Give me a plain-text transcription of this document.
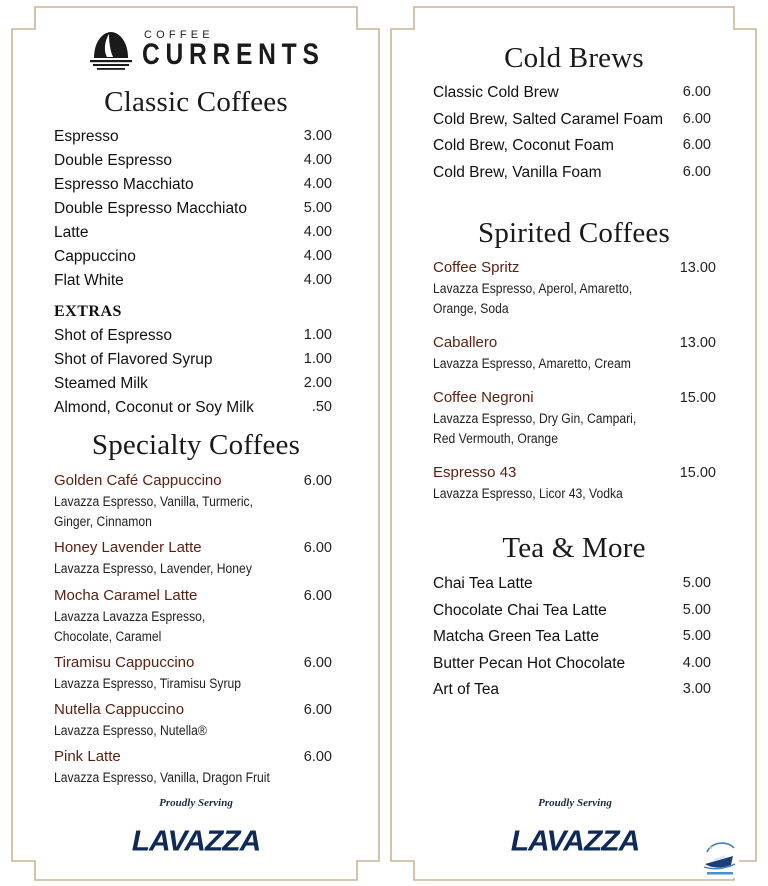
COFFEE
CURRENTS
Classic Coffees
Espresso	3.00
Double Espresso	4.00
Espresso Macchiato	4.00
Double Espresso Macchiato	5.00
Latte	4.00
Cappuccino	4.00
Flat White	4.00
EXTRAS
Shot of Espresso	1.00
Shot of Flavored Syrup	1.00
Steamed Milk	2.00
Almond, Coconut or Soy Milk	.50
Specialty Coffees
Golden Café Cappuccino	6.00
Lavazza Espresso, Vanilla, Turmeric,
Ginger, Cinnamon
Honey Lavender Latte	6.00
Lavazza Espresso, Lavender, Honey
Mocha Caramel Latte	6.00
Lavazza Lavazza Espresso,
Chocolate, Caramel
Tiramisu Cappuccino	6.00
Lavazza Espresso, Tiramisu Syrup
Nutella Cappuccino	6.00
Lavazza Espresso, Nutella®
Pink Latte	6.00
Lavazza Espresso, Vanilla, Dragon Fruit
Proudly Serving
LAVAZZA
Cold Brews
Classic Cold Brew	6.00
Cold Brew, Salted Caramel Foam 6.00
Cold Brew, Coconut Foam	6.00
Cold Brew, Vanilla Foam	6.00
Spirited Coffees
Coffee Spritz	13.00
Lavazza Espresso, Aperol, Amaretto,
Orange, Soda
Caballero	13.00
Lavazza Espresso, Amaretto, Cream
Coffee Negroni	15.00
Lavazza Espresso, Dry Gin, Campari,
Red Vermouth, Orange
Espresso 43	15.00
Lavazza Espresso, Licor 43, Vodka
Tea & More
Chai Tea Latte	5.00
Chocolate Chai Tea Latte	5.00
Matcha Green Tea Latte	5.00
Butter Pecan Hot Chocolate	4.00
Art of Tea	3.00
Proudly Serving
LAVAZZA
